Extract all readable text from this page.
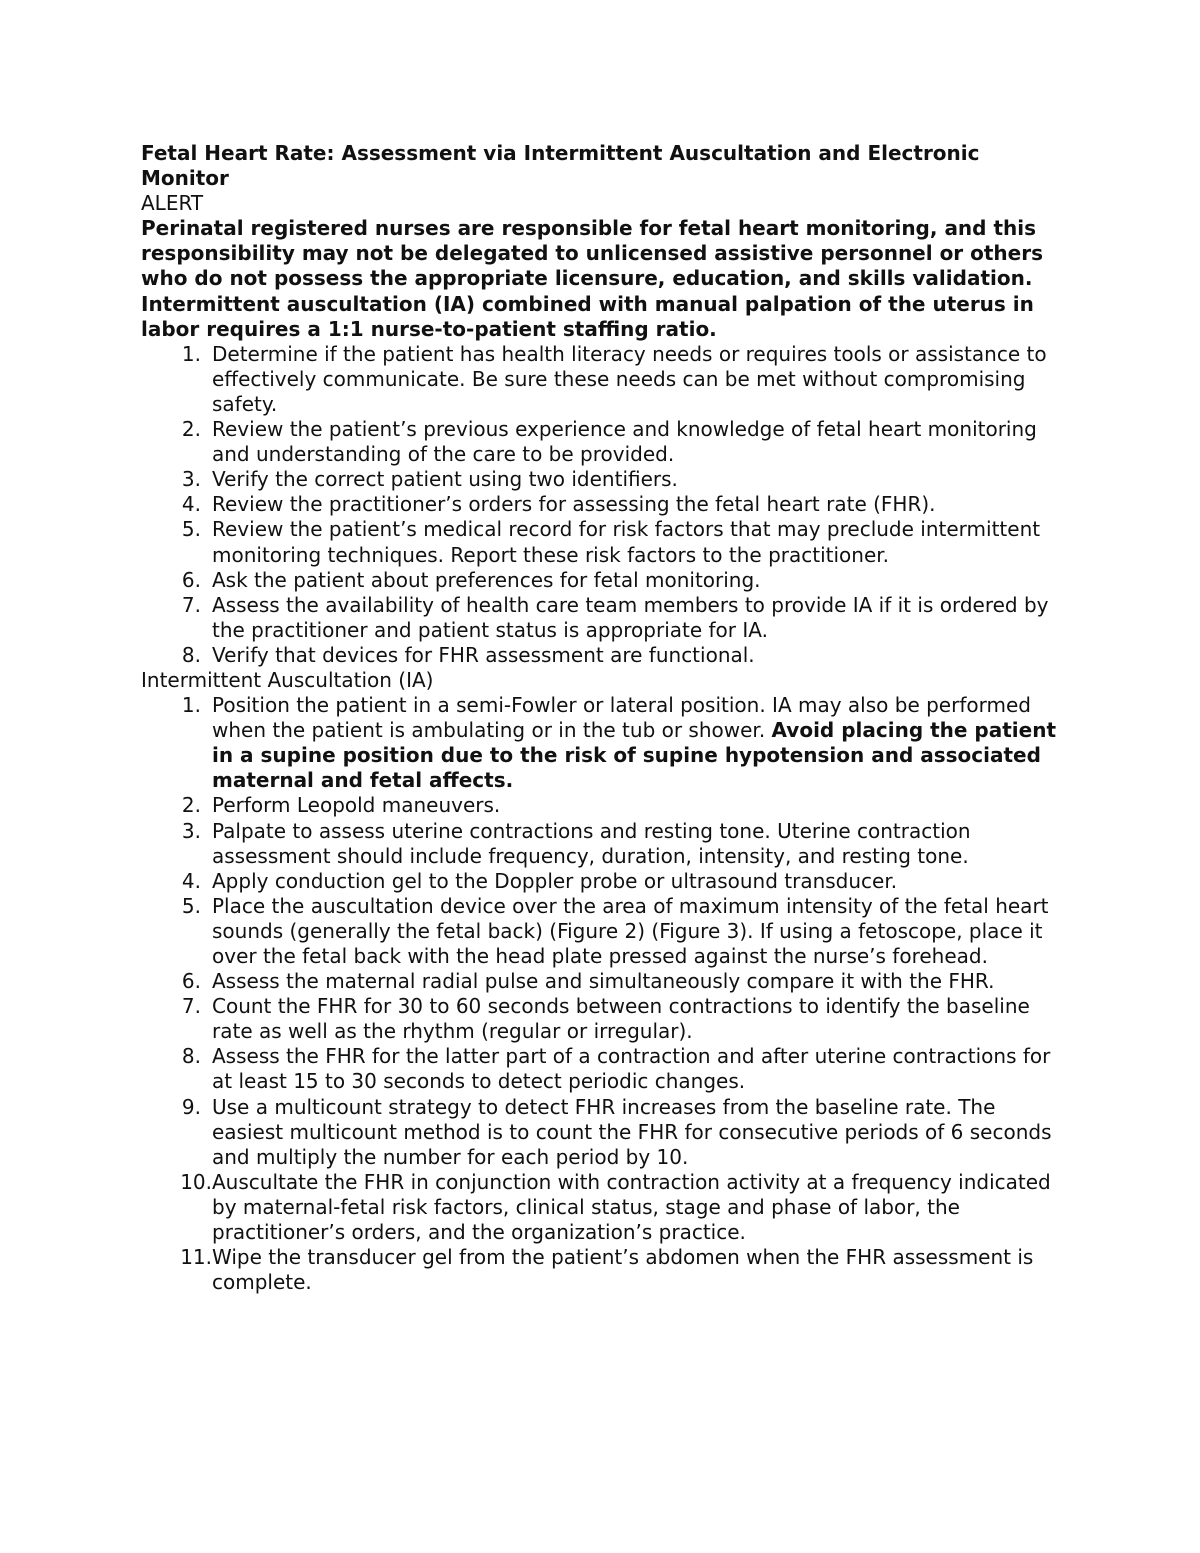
Fetal Heart Rate: Assessment via Intermittent Auscultation and Electronic Monitor

ALERT

Perinatal registered nurses are responsible for fetal heart monitoring, and this responsibility may not be delegated to unlicensed assistive personnel or others who do not possess the appropriate licensure, education, and skills validation.

Intermittent auscultation (IA) combined with manual palpation of the uterus in labor requires a 1:1 nurse-to-patient staffing ratio.

1. Determine if the patient has health literacy needs or requires tools or assistance to effectively communicate. Be sure these needs can be met without compromising safety.
2. Review the patient’s previous experience and knowledge of fetal heart monitoring and understanding of the care to be provided.
3. Verify the correct patient using two identifiers.
4. Review the practitioner’s orders for assessing the fetal heart rate (FHR).
5. Review the patient’s medical record for risk factors that may preclude intermittent monitoring techniques. Report these risk factors to the practitioner.
6. Ask the patient about preferences for fetal monitoring.
7. Assess the availability of health care team members to provide IA if it is ordered by the practitioner and patient status is appropriate for IA.
8. Verify that devices for FHR assessment are functional.

Intermittent Auscultation (IA)

1. Position the patient in a semi-Fowler or lateral position. IA may also be performed when the patient is ambulating or in the tub or shower. Avoid placing the patient in a supine position due to the risk of supine hypotension and associated maternal and fetal affects.
2. Perform Leopold maneuvers.
3. Palpate to assess uterine contractions and resting tone. Uterine contraction assessment should include frequency, duration, intensity, and resting tone.
4. Apply conduction gel to the Doppler probe or ultrasound transducer.
5. Place the auscultation device over the area of maximum intensity of the fetal heart sounds (generally the fetal back) (Figure 2) (Figure 3). If using a fetoscope, place it over the fetal back with the head plate pressed against the nurse’s forehead.
6. Assess the maternal radial pulse and simultaneously compare it with the FHR.
7. Count the FHR for 30 to 60 seconds between contractions to identify the baseline rate as well as the rhythm (regular or irregular).
8. Assess the FHR for the latter part of a contraction and after uterine contractions for at least 15 to 30 seconds to detect periodic changes.
9. Use a multicount strategy to detect FHR increases from the baseline rate. The easiest multicount method is to count the FHR for consecutive periods of 6 seconds and multiply the number for each period by 10.
10. Auscultate the FHR in conjunction with contraction activity at a frequency indicated by maternal-fetal risk factors, clinical status, stage and phase of labor, the practitioner’s orders, and the organization’s practice.
11. Wipe the transducer gel from the patient’s abdomen when the FHR assessment is complete.
